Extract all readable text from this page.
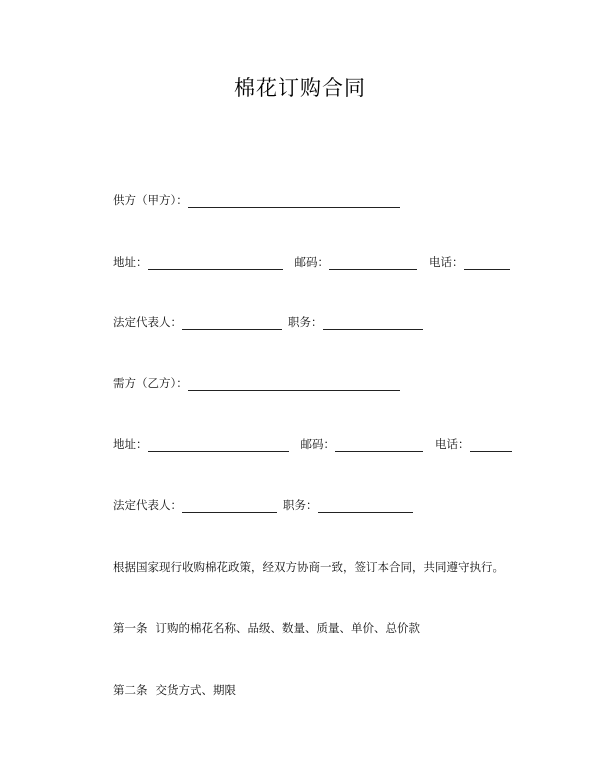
棉花订购合同
供方（甲方）：
地址：	邮码：	电话：
法定代表人：	职务：
需方（乙方）：
地址：	邮码：	电话：
法定代表人：	职务：
根据国家现行收购棉花政策，经双方协商一致，签订本合同，共同遵守执行。
第一条 订购的棉花名称、品级、数量、质量、单价、总价款
第二条 交货方式、期限
